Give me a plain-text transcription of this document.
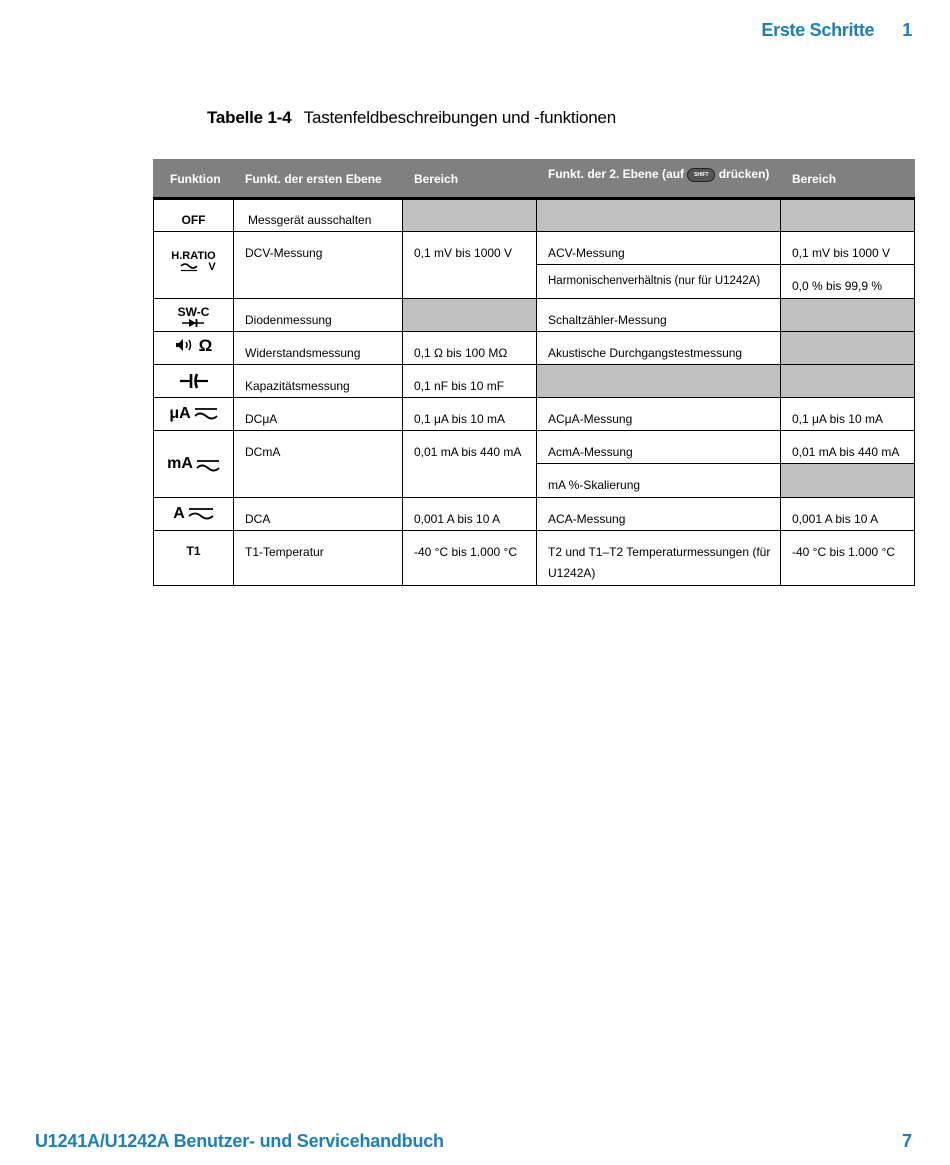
Erste Schritte 1
Tabelle 1-4 Tastenfeldbeschreibungen und -funktionen
Funktion	Funkt. der ersten Ebene	Bereich	Funkt. der 2. Ebene (auf SHIFT drücken)	Bereich
OFF	Messgerät ausschalten			

H.RATIO
V	DCV-Messung	0,1 mV bis 1000 V	ACV-Messung	0,1 mV bis 1000 V
			Harmonischenverhältnis (nur für U1242A)	0,0 % bis 99,9 %

SW-C	Diodenmessung		Schaltzähler-Messung	

Ω	Widerstandsmessung	0,1 Ω bis 100 MΩ	Akustische Durchgangstestmessung	

	Kapazitätsmessung	0,1 nF bis 10 mF		

μA	DCμA	0,1 μA bis 10 mA	ACμA-Messung	0,1 μA bis 10 mA

mA	DCmA	0,01 mA bis 440 mA	AcmA-Messung	0,01 mA bis 440 mA
			mA %-Skalierung	

A	DCA	0,001 A bis 10 A	ACA-Messung	0,001 A bis 10 A
T1	T1-Temperatur	-40 °C bis 1.000 °C	T2 und T1–T2 Temperaturmessungen (für U1242A)	-40 °C bis 1.000 °C
U1241A/U1242A Benutzer- und Servicehandbuch	7
